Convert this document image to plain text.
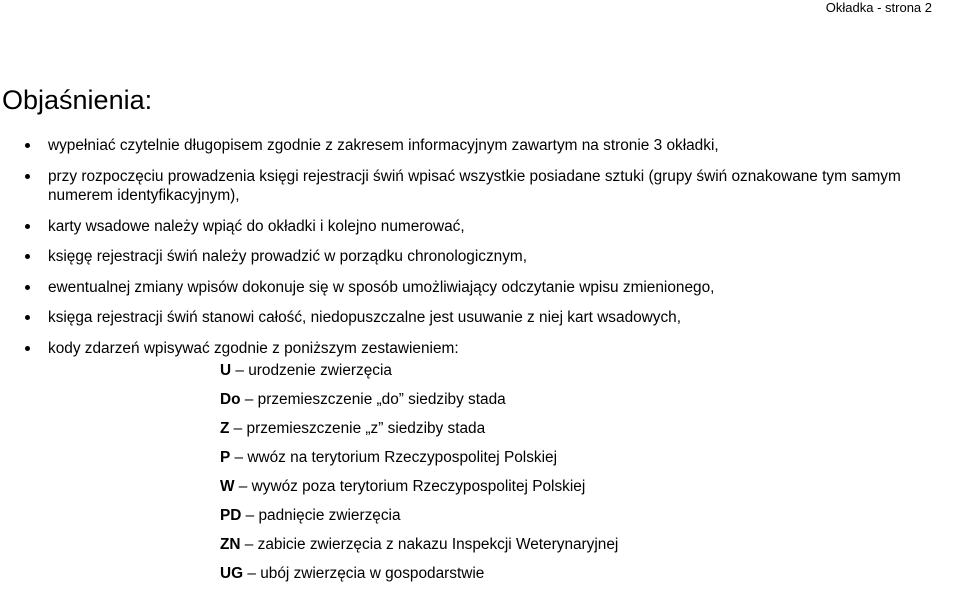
Okładka - strona 2
Objaśnienia:
wypełniać czytelnie długopisem zgodnie z zakresem informacyjnym zawartym na stronie 3 okładki,
przy rozpoczęciu prowadzenia księgi rejestracji świń wpisać wszystkie posiadane sztuki (grupy świń oznakowane tym samym numerem identyfikacyjnym),
karty wsadowe należy wpiąć do okładki i kolejno numerować,
księgę rejestracji świń należy prowadzić w porządku chronologicznym,
ewentualnej zmiany wpisów dokonuje się w sposób umożliwiający odczytanie wpisu zmienionego,
księga rejestracji świń stanowi całość, niedopuszczalne jest usuwanie z niej kart wsadowych,
kody zdarzeń wpisywać zgodnie z poniższym zestawieniem:
U – urodzenie zwierzęcia
Do – przemieszczenie „do” siedziby stada
Z – przemieszczenie „z” siedziby stada
P – wwóz na terytorium Rzeczypospolitej Polskiej
W – wywóz poza terytorium Rzeczypospolitej Polskiej
PD – padnięcie zwierzęcia
ZN – zabicie zwierzęcia z nakazu Inspekcji Weterynaryjnej
UG – ubój zwierzęcia w gospodarstwie
